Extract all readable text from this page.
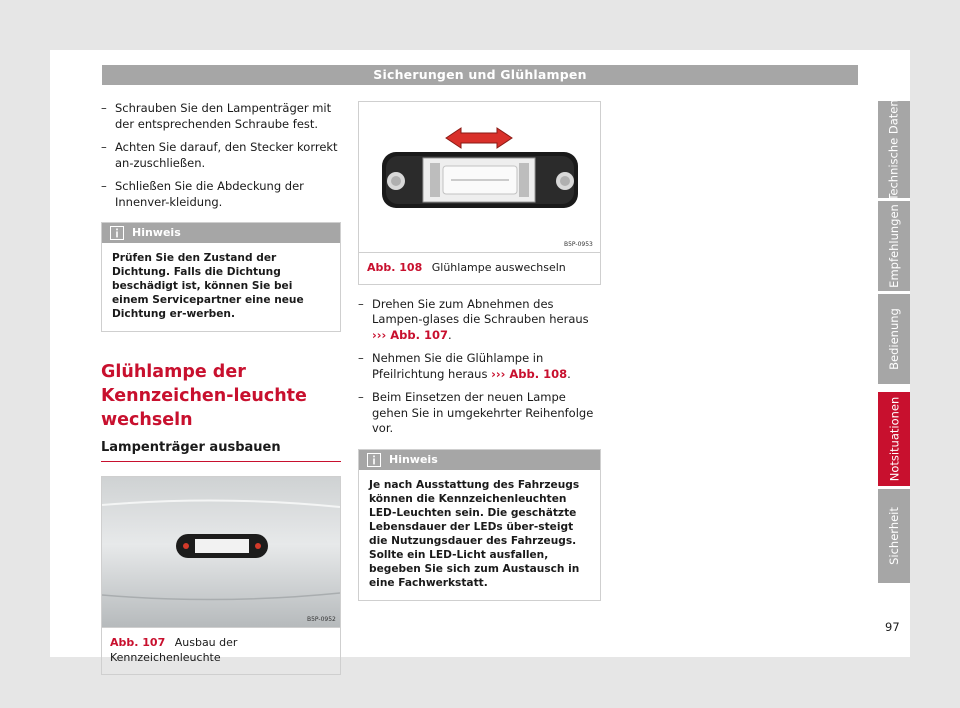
Sicherungen und Glühlampen
– Schrauben Sie den Lampenträger mit der entsprechenden Schraube fest.
– Achten Sie darauf, den Stecker korrekt an-zuschließen.
– Schließen Sie die Abdeckung der Innenver-kleidung.
Hinweis
Prüfen Sie den Zustand der Dichtung. Falls die Dichtung beschädigt ist, können Sie bei einem Servicepartner eine neue Dichtung er-werben.
Glühlampe der Kennzeichen-leuchte wechseln
Lampenträger ausbauen
B5P-0952
Abb. 107 Ausbau der Kennzeichenleuchte
B5P-0953
Abb. 108 Glühlampe auswechseln
– Drehen Sie zum Abnehmen des Lampen-glases die Schrauben heraus ››› Abb. 107.
– Nehmen Sie die Glühlampe in Pfeilrichtung heraus ››› Abb. 108.
– Beim Einsetzen der neuen Lampe gehen Sie in umgekehrter Reihenfolge vor.
Hinweis
Je nach Ausstattung des Fahrzeugs können die Kennzeichenleuchten LED-Leuchten sein. Die geschätzte Lebensdauer der LEDs über-steigt die Nutzungsdauer des Fahrzeugs. Sollte ein LED-Licht ausfallen, begeben Sie sich zum Austausch in eine Fachwerkstatt.
Technische Daten
Empfehlungen
Bedienung
Notsituationen
Sicherheit
97
